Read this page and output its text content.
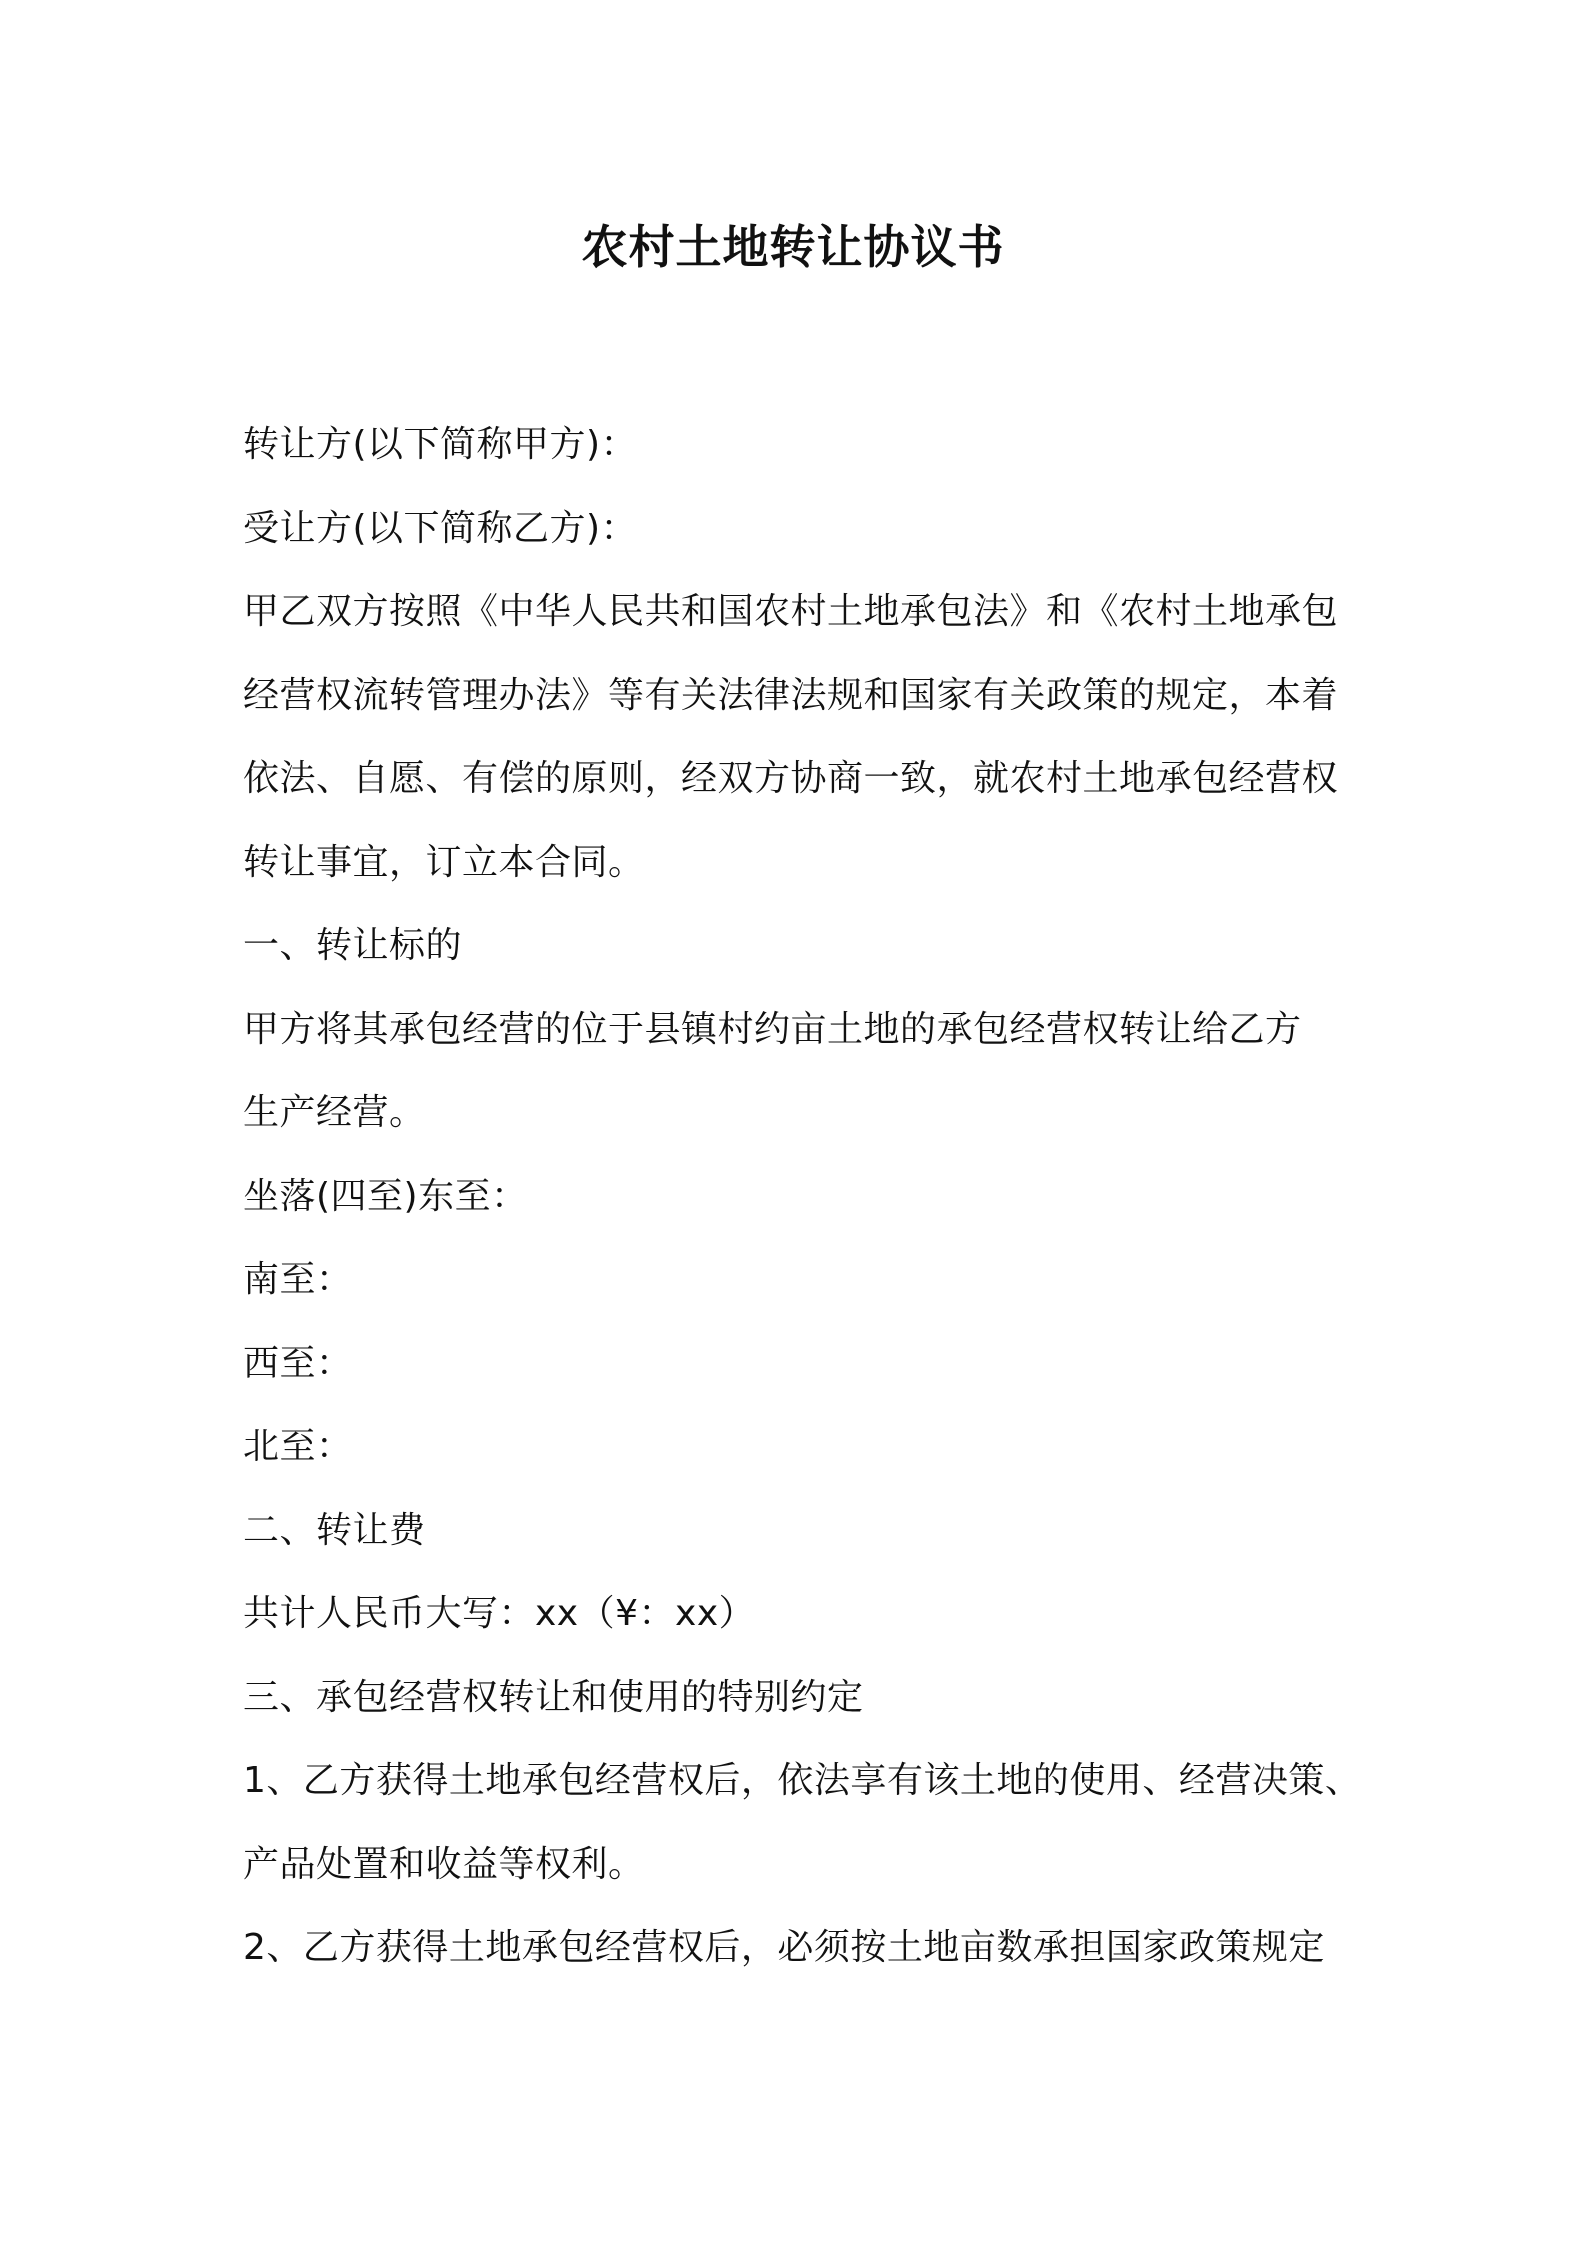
农村土地转让协议书
转让方(以下简称甲方)：
受让方(以下简称乙方)：
甲乙双方按照《中华人民共和国农村土地承包法》和《农村土地承包
经营权流转管理办法》等有关法律法规和国家有关政策的规定，本着
依法、自愿、有偿的原则，经双方协商一致，就农村土地承包经营权
转让事宜，订立本合同。
一、转让标的
甲方将其承包经营的位于县镇村约亩土地的承包经营权转让给乙方
生产经营。
坐落(四至)东至：
南至：
西至：
北至：
二、转让费
共计人民币大写：xx（¥：xx）
三、承包经营权转让和使用的特别约定
1、乙方获得土地承包经营权后，依法享有该土地的使用、经营决策、
产品处置和收益等权利。
2、乙方获得土地承包经营权后，必须按土地亩数承担国家政策规定
